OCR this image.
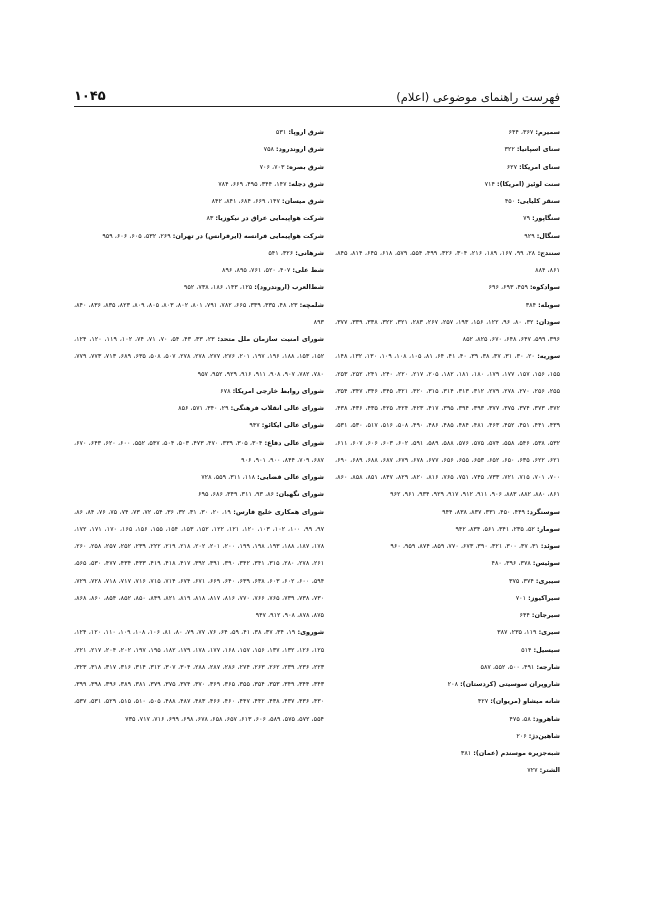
۱۰۴۵	فهرست راهنمای موضوعی (اعلام)

سمیرم: ۳۶۷، ۶۴۴

سنای اسپانیا: ۳۲۲

سنای امریکا: ۶۲۷

سنت لوئیز (امریکا): ۷۱۴

سنقر کلیایی: ۴۵۰

سنگاپور: ۷۹

سنگال: ۹۲۹

سنندج: ۲۸، ۹۹، ۱۶۷، ۱۸۹، ۲۱۶، ۳۰۴، ۳۲۶، ۴۹۹، ۵۵۴، ۵۷۹، ۶۱۸، ۶۴۵، ۸۱۴، ۸۴۵، ۸۶۱، ۸۸۴

سوادکوه: ۴۵۹، ۶۹۳، ۶۹۶

سوبله: ۳۸۴

سودان: ۳۲، ۸۰، ۹۶، ۱۲۲، ۱۵۶، ۱۹۳، ۲۵۷، ۲۶۷، ۲۸۳، ۳۲۱، ۳۲۲، ۳۳۸، ۳۳۹، ۳۷۷، ۳۹۶، ۵۹۹، ۶۴۷، ۶۴۸، ۶۷۰، ۸۲۵، ۸۵۲

سوریه: ۲۰، ۳۰، ۳۱، ۳۷، ۳۸، ۳۹، ۴۰، ۴۱، ۶۴، ۸۱، ۱۰۵، ۱۰۸، ۱۰۹، ۱۳۰، ۱۳۲، ۱۴۸، ۱۵۵، ۱۵۶، ۱۵۷، ۱۷۷، ۱۷۹، ۱۸۰، ۱۸۱، ۱۸۲، ۲۰۵، ۲۱۷، ۲۲۰، ۲۴۰، ۲۴۱، ۲۵۲، ۲۵۳، ۲۵۵، ۲۵۶، ۲۷۰، ۲۷۸، ۲۷۹، ۳۱۲، ۳۱۳، ۳۱۴، ۳۱۵، ۳۲۰، ۳۲۱، ۳۴۵، ۳۴۶، ۳۴۷، ۳۵۴، ۳۷۲، ۳۷۳، ۳۷۴، ۳۷۵، ۳۷۷، ۳۹۳، ۳۹۴، ۳۹۵، ۴۱۷، ۴۲۳، ۴۲۴، ۴۲۵، ۴۳۵، ۴۳۶، ۴۳۸، ۴۳۹، ۴۴۱، ۴۵۱، ۴۵۲، ۴۶۳، ۴۸۱، ۴۸۴، ۴۸۵، ۴۸۶، ۴۹۰، ۵۰۸، ۵۱۶، ۵۱۷، ۵۳۰، ۵۳۱، ۵۳۲، ۵۳۸، ۵۴۶، ۵۵۸، ۵۷۴، ۵۷۵، ۵۷۶، ۵۸۸، ۵۸۹، ۵۹۱، ۶۰۲، ۶۰۳، ۶۰۶، ۶۰۷، ۶۱۱، ۶۲۱، ۶۲۲، ۶۳۵، ۶۵۰، ۶۵۲، ۶۵۳، ۶۵۵، ۶۵۶، ۶۷۷، ۶۷۸، ۶۷۹، ۶۸۷، ۶۸۸، ۶۸۹، ۶۹۰، ۷۰۰، ۷۰۱، ۷۱۵، ۷۲۱، ۷۳۳، ۷۴۵، ۷۵۱، ۷۶۵، ۸۱۶، ۸۲۰، ۸۲۹، ۸۴۷، ۸۵۱، ۸۵۸، ۸۶۰، ۸۶۱، ۸۸۰، ۸۸۲، ۸۸۳، ۹۰۶، ۹۱۱، ۹۱۲، ۹۱۷، ۹۲۹، ۹۳۴، ۹۶۱، ۹۶۲

سوسنگرد: ۴۴۹، ۴۵۰، ۳۳۱، ۸۳۷، ۸۳۸، ۹۴۴

سومار: ۵۲، ۲۳۵، ۳۴۱، ۵۶۱، ۸۳۴، ۹۴۲

سوئد: ۳۱، ۳۷، ۳۰۰، ۳۲۱، ۳۹۰، ۶۷۳، ۷۷۰، ۸۵۹، ۸۷۴، ۹۵۹، ۹۶۰

سوئیس: ۳۷۸، ۳۹۶، ۴۸۰

سیبری: ۳۷۴، ۳۷۵

سیراکیوز: ۷۰۱

سیرجان: ۶۴۴

سیری: ۱۱۹، ۲۳۵، ۳۸۷

سیسیل: ۵۱۴

شارجه: ۴۹۱، ۵۰۰، ۵۵۲، ۵۸۷

شاروپران سوسیتی (کردستان): ۲۰۸

شانه میشاو (مریوان): ۴۲۷

شاهرود: ۵۸، ۴۷۵

شاهین‌دژ: ۲۰۶

شبه‌جزیره موسندم (عمان): ۳۸۱

الشتر: ۷۲۷

شرق اروپا: ۵۳۱

شرق اروندرود: ۷۵۸

شرق بصره: ۷۰۳، ۷۰۶

شرق دجله: ۱۴۷، ۳۴۴، ۴۹۵، ۶۶۹، ۷۸۴

شرق میسان: ۱۴۷، ۶۶۹، ۶۸۴، ۸۴۱، ۸۴۲

شرکت هواپیمایی عراق در نیکوزیا: ۸۳

شرکت هواپیمایی فرانسه (ایرفرانس) در تهران: ۲۶۹، ۵۳۲، ۶۰۵، ۶۰۶، ۹۵۹

شرهانی: ۳۲۶، ۵۴۱

شط علی: ۴۰۷، ۵۲۰، ۷۶۱، ۸۹۵، ۸۹۶

شط‌العرب (اروندرود): ۱۲۵، ۱۴۳، ۱۸۶، ۷۳۸، ۹۵۲

شلمچه: ۲۳، ۴۸، ۳۳۵، ۳۳۹، ۶۶۵، ۷۸۲، ۷۹۱، ۸۰۱، ۸۰۲، ۸۰۳، ۸۰۵، ۸۰۹، ۸۲۳، ۸۳۵، ۸۳۶، ۸۴۰، ۸۹۳

شورای امنیت سازمان ملل متحد: ۲۳، ۳۳، ۴۳، ۵۴، ۷۰، ۷۱، ۷۴، ۱۰۲، ۱۱۹، ۱۲۰، ۱۲۴، ۱۵۲، ۱۵۳، ۱۸۸، ۱۹۶، ۱۹۷، ۲۰۱، ۲۷۶، ۲۷۷، ۲۷۸، ۲۷۸، ۵۰۷، ۵۰۸، ۶۳۵، ۶۸۹، ۷۱۳، ۷۷۳، ۷۷۹، ۷۸۰، ۷۸۲، ۹۰۷، ۹۰۸، ۹۱۱، ۹۱۶، ۹۲۹، ۹۵۲، ۹۵۷

شورای روابط خارجی امریکا: ۶۷۸

شورای عالی انقلاب فرهنگی: ۲۹، ۳۴۰، ۵۷۱، ۸۵۶

شورای عالی ایکائو: ۹۴۷

شورای عالی دفاع: ۳۰۴، ۳۰۵، ۳۳۹، ۴۷۰، ۴۷۳، ۵۰۳، ۵۰۴، ۵۴۷، ۵۵۲، ۶۰۰، ۶۲۰، ۶۴۳، ۶۷۰، ۶۸۷، ۷۰۹، ۸۴۴، ۹۰۰، ۹۰۱، ۹۰۶

شورای عالی قضایی: ۱۱۸، ۳۱۱، ۵۵۹، ۷۲۸

شورای نگهبان: ۸۶، ۹۳، ۳۱۱، ۳۴۹، ۶۸۶، ۶۹۵

شورای همکاری خلیج فارس: ۱۹، ۲۰، ۳۰، ۳۱، ۳۲، ۳۶، ۵۴، ۷۲، ۷۳، ۷۴، ۷۵، ۷۶، ۸۴، ۸۶، ۹۷، ۹۹، ۱۰۰، ۱۰۲، ۱۰۳، ۱۲۰، ۱۲۱، ۱۲۲، ۱۵۲، ۱۵۳، ۱۵۴، ۱۵۵، ۱۵۶، ۱۶۵، ۱۷۰، ۱۷۱، ۱۷۲، ۱۷۸، ۱۸۷، ۱۸۸، ۱۹۳، ۱۹۸، ۱۹۹، ۲۰۰، ۲۰۱، ۲۰۲، ۲۱۸، ۲۱۹، ۲۲۲، ۲۳۹، ۲۵۲، ۲۵۷، ۲۵۸، ۲۶۰، ۲۶۱، ۲۷۸، ۲۸۰، ۳۱۵، ۳۴۱، ۳۴۲، ۳۹۰، ۳۹۱، ۳۹۲، ۴۱۷، ۴۱۸، ۴۱۹، ۴۳۳، ۴۳۴، ۴۷۷، ۵۳۰، ۵۶۵، ۵۹۴، ۶۰۰، ۶۰۲، ۶۰۳، ۶۳۸، ۶۳۹، ۶۴۰، ۶۶۹، ۶۷۱، ۶۷۴، ۷۱۴، ۷۱۵، ۷۱۶، ۷۱۷، ۷۱۸، ۷۲۸، ۷۲۹، ۷۳۰، ۷۳۸، ۷۳۹، ۷۶۵، ۷۶۶، ۷۷۰، ۸۱۶، ۸۱۷، ۸۱۸، ۸۱۹، ۸۲۱، ۸۴۹، ۸۵۰، ۸۵۲، ۸۵۴، ۸۶۰، ۸۶۸، ۸۷۵، ۸۷۸، ۹۰۸، ۹۱۲، ۹۴۷

شوروی: ۱۹، ۳۴، ۳۷، ۳۸، ۴۱، ۵۹، ۶۴، ۷۶، ۷۷، ۷۹، ۸۰، ۸۱، ۱۰۶، ۱۰۸، ۱۰۹، ۱۱۰، ۱۲۰، ۱۲۴، ۱۲۵، ۱۲۶، ۱۳۲، ۱۳۷، ۱۵۶، ۱۵۷، ۱۶۸، ۱۷۷، ۱۷۸، ۱۷۹، ۱۸۲، ۱۹۵، ۱۹۷، ۲۰۲، ۲۰۴، ۲۱۷، ۲۲۱، ۲۲۳، ۲۳۶، ۲۳۹، ۲۶۲، ۲۶۳، ۲۷۴، ۲۸۶، ۲۸۷، ۲۸۸، ۳۰۴، ۳۰۷، ۳۱۲، ۳۱۴، ۳۱۶، ۳۱۷، ۳۱۸، ۳۲۳، ۳۴۳، ۳۴۴، ۳۴۹، ۳۵۳، ۳۵۴، ۳۵۵، ۳۶۵، ۳۶۹، ۳۷۰، ۳۷۴، ۳۷۵، ۳۷۹، ۳۸۱، ۳۸۹، ۳۹۶، ۳۹۸، ۳۹۹، ۴۳۰، ۴۳۶، ۴۳۷، ۴۳۸، ۴۴۲، ۴۴۷، ۴۶۰، ۴۶۶، ۴۸۳، ۴۸۷، ۴۸۸، ۵۰۵، ۵۱۰، ۵۱۵، ۵۲۹، ۵۳۱، ۵۳۷، ۵۵۴، ۵۷۲، ۵۷۵، ۵۸۹، ۶۰۶، ۶۱۳، ۶۵۷، ۶۵۸، ۶۷۸، ۶۹۸، ۶۹۹، ۷۱۶، ۷۱۷، ۷۳۵
